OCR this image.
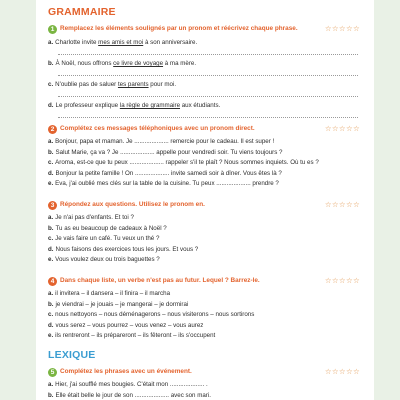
GRAMMAIRE
1 Remplacez les éléments soulignés par un pronom et réécrivez chaque phrase.	☆☆☆☆☆
a. Charlotte invite mes amis et moi à son anniversaire.
b. À Noël, nous offrons ce livre de voyage à ma mère.
c. N'oublie pas de saluer tes parents pour moi.
d. Le professeur explique la règle de grammaire aux étudiants.
2 Complétez ces messages téléphoniques avec un pronom direct.	☆☆☆☆☆
a. Bonjour, papa et maman. Je .................... remercie pour le cadeau. Il est super !
b. Salut Marie, ça va ? Je .................... appelle pour vendredi soir. Tu viens toujours ?
c. Aroma, est-ce que tu peux .................... rappeler s'il te plaît ? Nous sommes inquiets. Où tu es ?
d. Bonjour la petite famille ! On .................... invite samedi soir à dîner. Vous êtes là ?
e. Eva, j'ai oublié mes clés sur la table de la cuisine. Tu peux .................... prendre ?
3 Répondez aux questions. Utilisez le pronom en.	☆☆☆☆☆
a. Je n'ai pas d'enfants. Et toi ?
b. Tu as eu beaucoup de cadeaux à Noël ?
c. Je vais faire un café. Tu veux un thé ?
d. Nous faisons des exercices tous les jours. Et vous ?
e. Vous voulez deux ou trois baguettes ?
4 Dans chaque liste, un verbe n'est pas au futur. Lequel ? Barrez-le.	☆☆☆☆☆
a. il invitera – il dansera – il finira – il marcha
b. je viendrai – je jouais – je mangerai – je dormirai
c. nous nettoyons – nous déménagerons – nous visiterons – nous sortirons
d. vous serez – vous pourrez – vous venez – vous aurez
e. ils rentreront – ils prépareront – ils fêteront – ils s'occupent
LEXIQUE
5 Complétez les phrases avec un événement.	☆☆☆☆☆
a. Hier, j'ai soufflé mes bougies. C'était mon .................... .
b. Elle était belle le jour de son .................... avec son mari.
